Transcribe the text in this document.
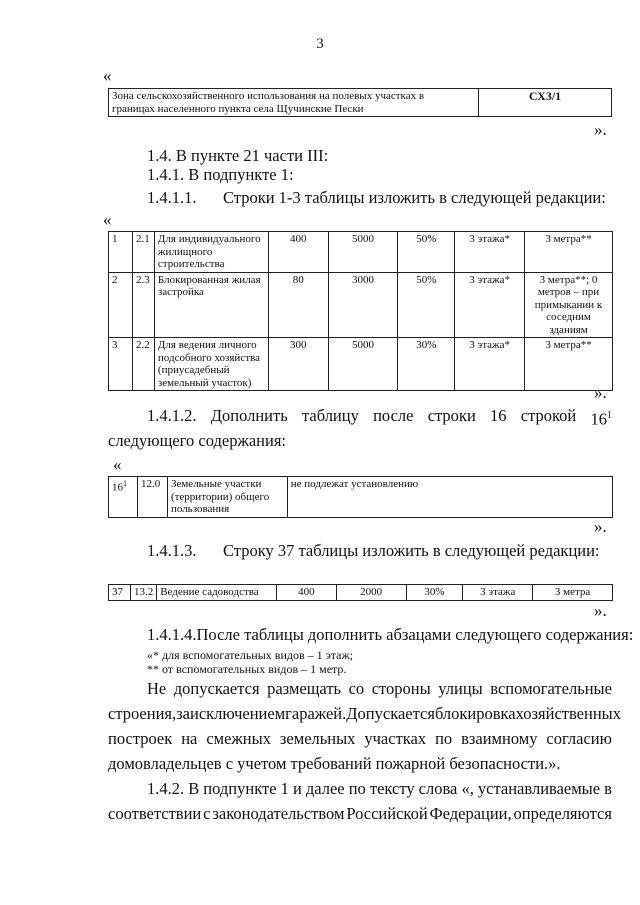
3
«
Зона сельскохозяйственного использования на полевых участках в
границах населенного пункта села Щучинские Пески
	СХ3/1
».
1.4. В пункте 21 части III:
1.4.1. В подпункте 1:
1.4.1.1. Строки 1-3 таблицы изложить в следующей редакции:
«
1	2.1	Для индивидуального жилищного строительства	400	5000	50%	3 этажа*	3 метра**
2	2.3	Блокированная жилая застройка	80	3000	50%	3 этажа*	3 метра**; 0 метров – при примыкании к соседним зданиям
3	2.2	Для ведения личного подсобного хозяйства (приусадебный земельный участок)	300	5000	30%	3 этажа*	3 метра**
».
1.4.1.2. Дополнить таблицу после строки 16 строкой $16^1$
следующего содержания:
«
$16^1$	12.0	Земельные участки (территории) общего пользования	не подлежат установлению
».
1.4.1.3. Строку 37 таблицы изложить в следующей редакции:
37	13.2	Ведение садоводства	400	2000	30%	3 этажа	3 метра
».
1.4.1.4.После таблицы дополнить абзацами следующего содержания:
«* для вспомогательных видов – 1 этаж;
** от вспомогательных видов – 1 метр.
Не допускается размещать со стороны улицы вспомогательные
строения, за исключением гаражей. Допускается блокировка хозяйственных
построек на смежных земельных участках по взаимному согласию
домовладельцев с учетом требований пожарной безопасности.».
1.4.2. В подпункте 1 и далее по тексту слова «, устанавливаемые в
соответствии с законодательством Российской Федерации, определяются
